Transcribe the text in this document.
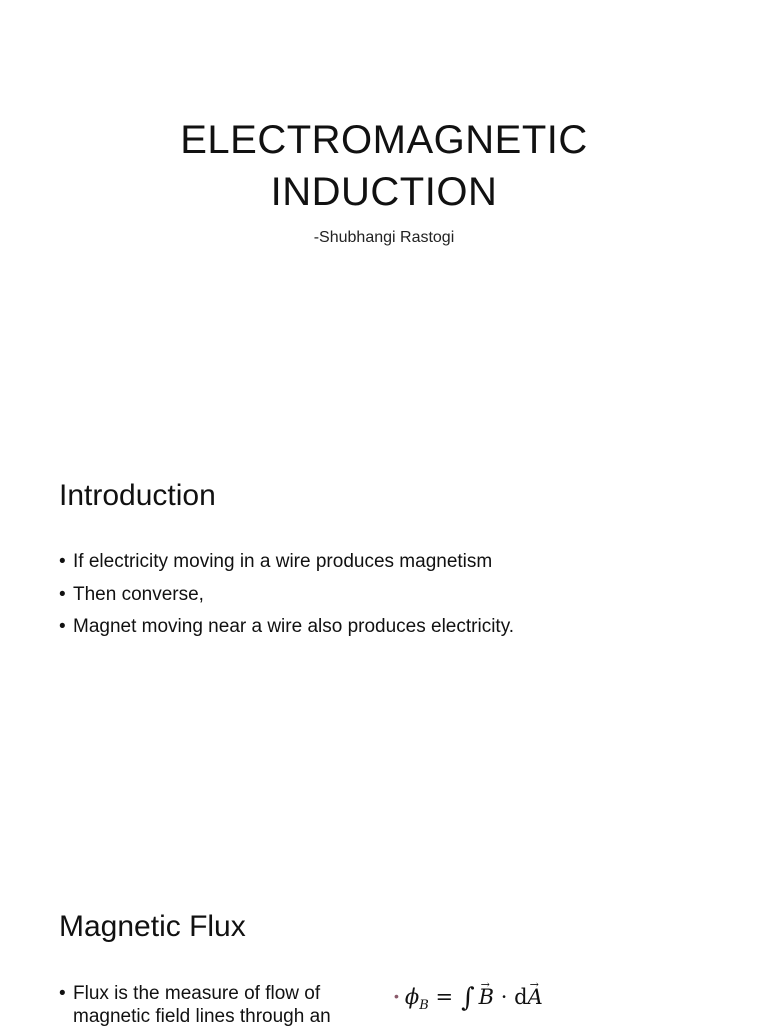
ELECTROMAGNETIC
INDUCTION
-Shubhangi Rastogi
Introduction
• If electricity moving in a wire produces magnetism
• Then converse,
• Magnet moving near a wire also produces electricity.
Magnetic Flux

• Flux is the measure of flow of magnetic field lines through an

• $\phi_B$ = ∫ B → · dA →
